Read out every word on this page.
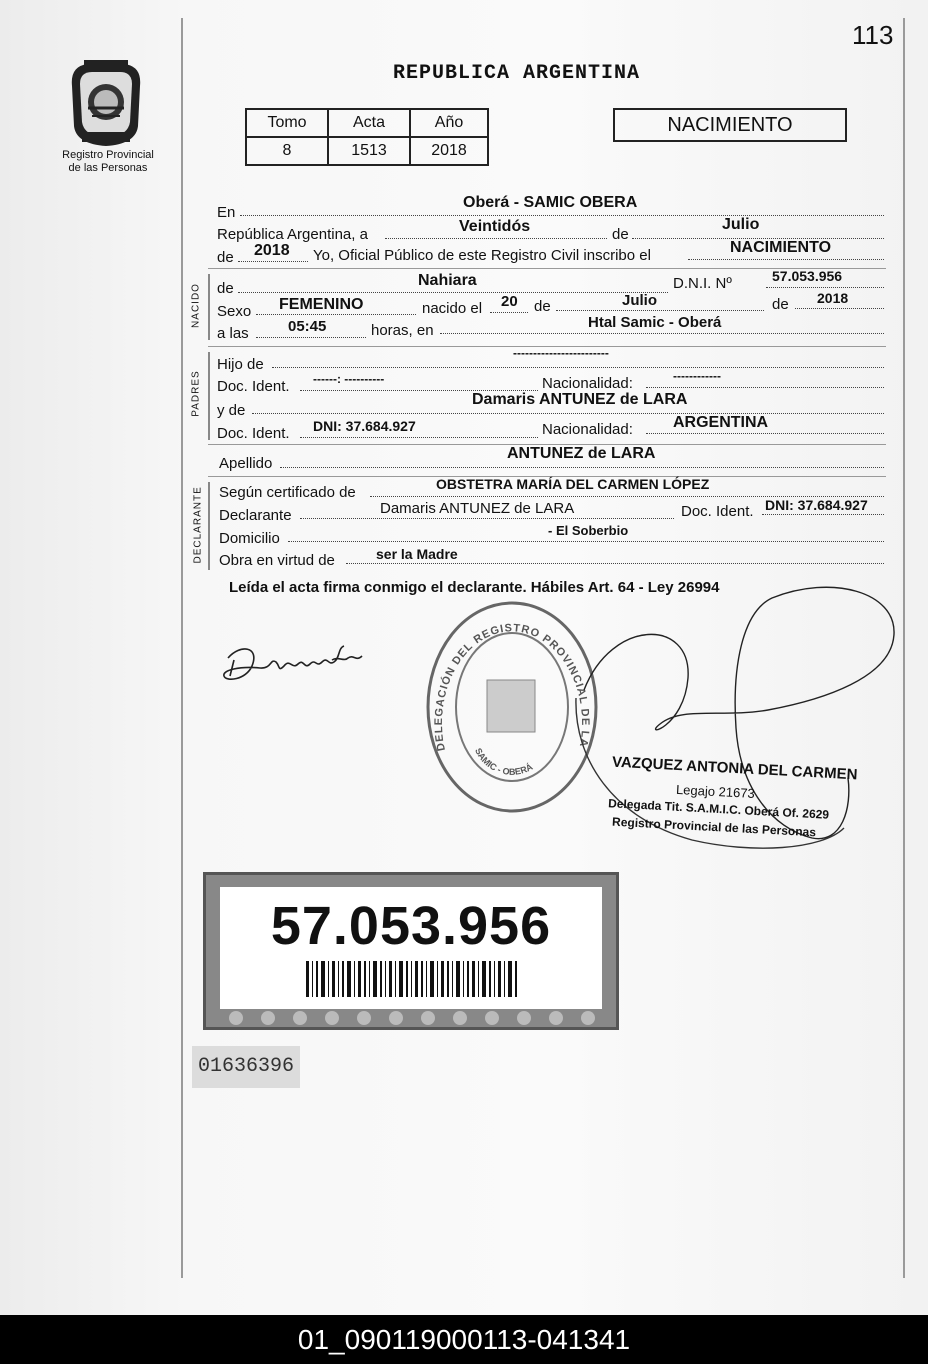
113
REPUBLICA ARGENTINA
Registro Provincial
de las Personas
Tomo	Acta	Año
8	1513	2018
NACIMIENTO
En
Oberá - SAMIC OBERA
República Argentina, a	Veintidós	de
Julio
de 2018 Yo, Oficial Público de este Registro Civil inscribo el	NACIMIENTO
NACIDO de	Nahiara	D.N.I. Nº	57.053.956
Sexo FEMENINO	nacido el 20 de	Julio	de 2018
a las	05:45	horas, en	Htal Samic - Oberá
PADRES
Hijo de
------------------------
Doc. Ident. ------: ----------	Nacionalidad:	------------
y de
Damaris ANTUNEZ de LARA
Doc. Ident. DNI: 37.684.927	Nacionalidad:	ARGENTINA
Apellido
ANTUNEZ de LARA
DECLARANTE Según certificado de	OBSTETRA MARÍA DEL CARMEN LÓPEZ
Declarante	Damaris ANTUNEZ de LARA	Doc. Ident. DNI: 37.684.927
Domicilio	- El Soberbio
Obra en virtud de	ser la Madre
Leída el acta firma conmigo el declarante. Hábiles Art. 64 - Ley 26994
DELEGACIÓN DEL REGISTRO PROVINCIAL DE LA
SAMIC - OBERÁ	VAZQUEZ ANTONIA DEL CARMEN
Legajo 21673
Delegada Tit. S.A.M.I.C. Oberá Of. 2629
Registro Provincial de las Personas
57.053.956
01636396
01_090119000113-041341
